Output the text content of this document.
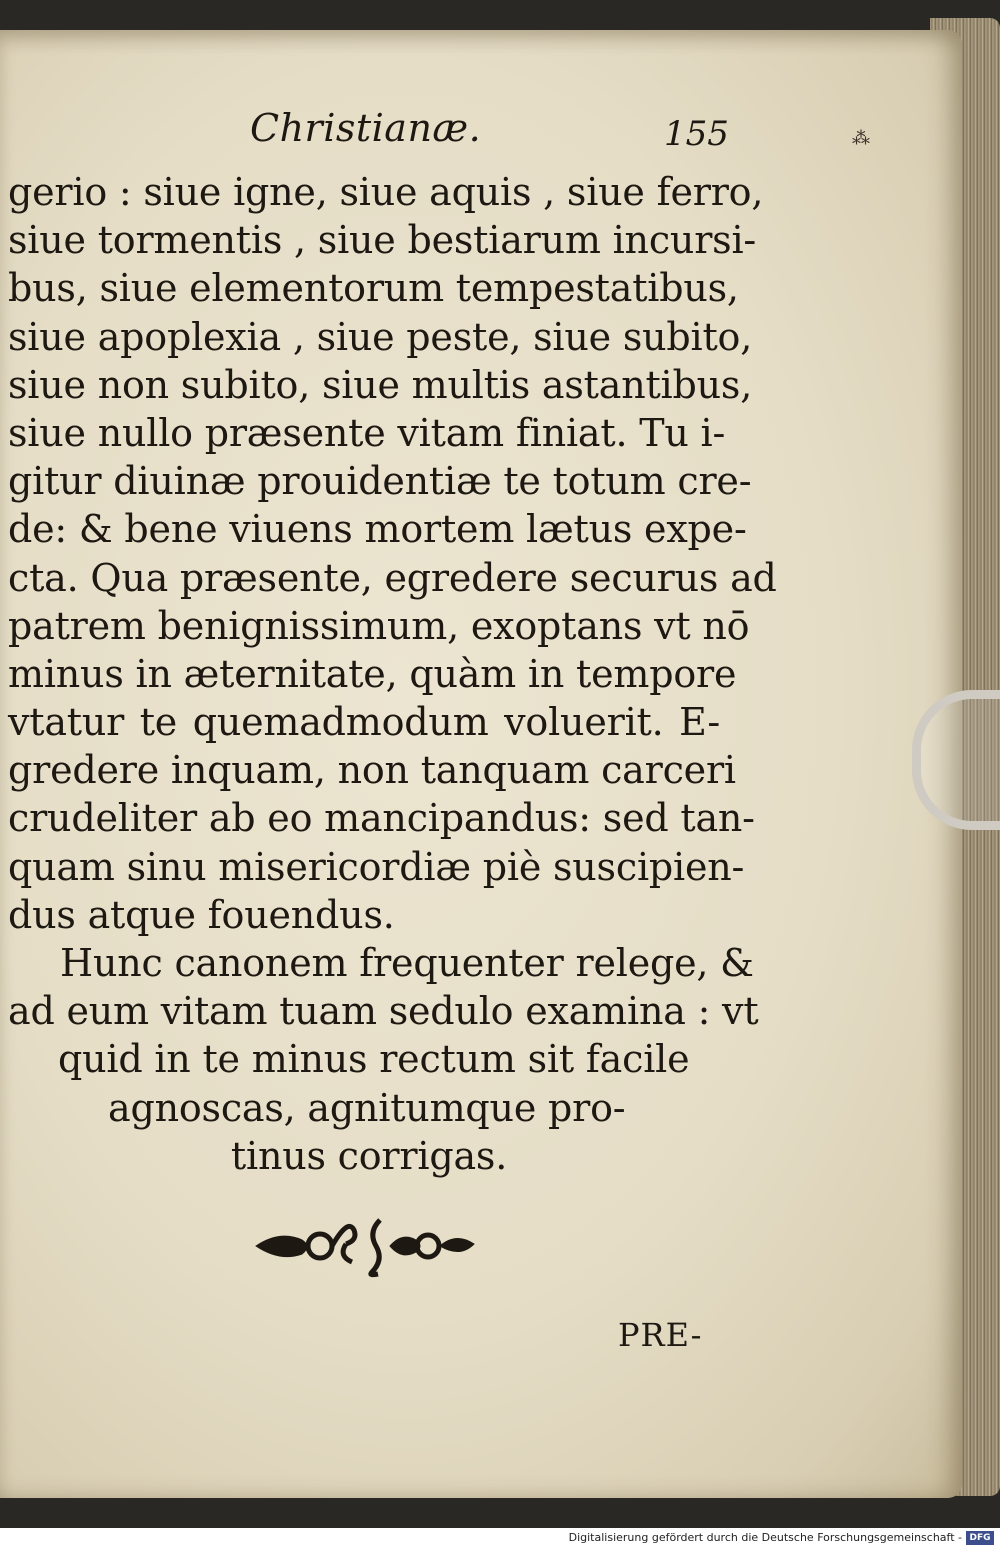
Christianæ.	155	⁂
gerio : siue igne, siue aquis , siue ferro,
siue tormentis , siue bestiarum incursi-
bus, siue elementorum tempestatibus,
siue apoplexia , siue peste, siue subito,
siue non subito, siue multis astantibus,
siue nullo præsente vitam finiat. Tu i-
gitur diuinæ prouidentiæ te totum cre-
de: & bene viuens mortem lætus expe-
cta. Qua præsente, egredere securus ad
patrem benignissimum, exoptans vt nō
minus in æternitate, quàm in tempore
vtatur te quemadmodum voluerit. E-
gredere inquam, non tanquam carceri
crudeliter ab eo mancipandus: sed tan-
quam sinu misericordiæ piè suscipien-
dus atque fouendus.
Hunc canonem frequenter relege, &
ad eum vitam tuam sedulo examina : vt
quid in te minus rectum sit facile
agnoscas, agnitumque pro-
tinus corrigas.
PRE-
Digitalisierung gefördert durch die Deutsche Forschungsgemeinschaft - DFG
